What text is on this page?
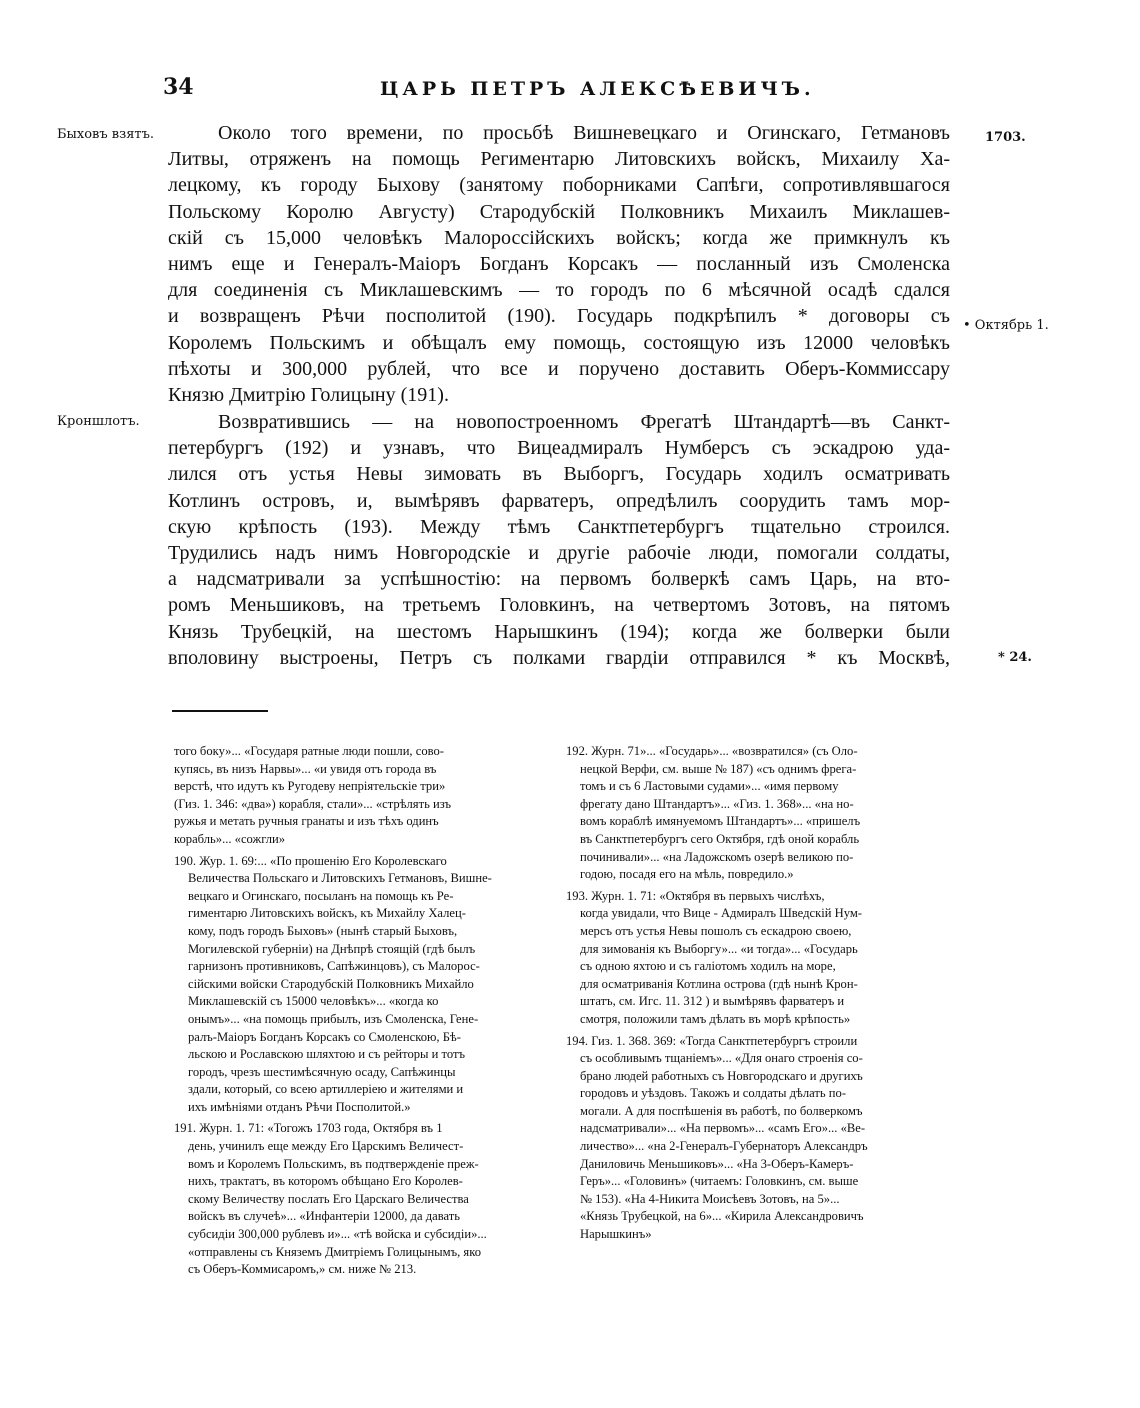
34	ЦАРЬ ПЕТРЪ АЛЕКСѢЕВИЧЪ.
Быховъ взятъ.
Кроншлотъ.
1703.
• Октябрь 1.
* 24.
Около того времени, по просьбѣ Вишневецкаго и Огинскаго, Гетмановъ
Литвы, отряженъ на помощь Региментарю Литовскихъ войскъ, Михаилу Ха-
лецкому, къ городу Быхову (занятому поборниками Сапѣги, сопротивлявшагося
Польскому Королю Августу) Стародубскій Полковникъ Михаилъ Миклашев-
скій съ 15,000 человѣкъ Малороссійскихъ войскъ; когда же примкнулъ къ
нимъ еще и Генералъ-Маіоръ Богданъ Корсакъ — посланный изъ Смоленска
для соединенія съ Миклашевскимъ — то городъ по 6 мѣсячной осадѣ сдался
и возвращенъ Рѣчи посполитой (190). Государь подкрѣпилъ * договоры съ
Королемъ Польскимъ и обѣщалъ ему помощь, состоящую изъ 12000 человѣкъ
пѣхоты и 300,000 рублей, что все и поручено доставить Оберъ-Коммиссару
Князю Дмитрію Голицыну (191).
Возвратившись — на новопостроенномъ Фрегатѣ Штандартѣ—въ Санкт-
петербургъ (192) и узнавъ, что Вицеадмиралъ Нумберсъ съ эскадрою уда-
лился отъ устья Невы зимовать въ Выборгъ, Государь ходилъ осматривать
Котлинъ островъ, и, вымѣрявъ фарватеръ, опредѣлилъ соорудить тамъ мор-
скую крѣпость (193). Между тѣмъ Санктпетербургъ тщательно строился.
Трудились надъ нимъ Новгородскіе и другіе рабочіе люди, помогали солдаты,
а надсматривали за успѣшностію: на первомъ болверкѣ самъ Царь, на вто-
ромъ Меньшиковъ, на третьемъ Головкинъ, на четвертомъ Зотовъ, на пятомъ
Князь Трубецкій, на шестомъ Нарышкинъ (194); когда же болверки были
вполовину выстроены, Петръ съ полками гвардіи отправился * къ Москвѣ,
того боку»... «Государя ратные люди пошли, сово-
купясь, въ низъ Нарвы»... «и увидя отъ города въ
верстѣ, что идутъ къ Ругодеву непріятельскіе три»
(Гиз. 1. 346: «два») корабля, стали»... «стрѣлять изъ
ружья и метать ручныя гранаты и изъ тѣхъ одинъ
корабль»... «сожгли»
190. Жур. 1. 69:... «По прошенію Его Королевскаго
Величества Польскаго и Литовскихъ Гетмановъ, Вишне-
вецкаго и Огинскаго, посыланъ на помощь къ Ре-
гиментарю Литовскихъ войскъ, къ Михайлу Халец-
кому, подъ городъ Быховъ» (нынѣ старый Быховъ,
Могилевской губерніи) на Днѣпрѣ стоящій (гдѣ былъ
гарнизонъ противниковъ, Сапѣжинцовъ), съ Малорос-
сійскими войски Стародубскій Полковникъ Михайло
Миклашевскій съ 15000 человѣкъ»... «когда ко
онымъ»... «на помощь прибылъ, изъ Смоленска, Гене-
ралъ-Маіоръ Богданъ Корсакъ со Смоленскою, Бѣ-
льскою и Рославскою шляхтою и съ рейторы и тотъ
городъ, чрезъ шестимѣсячную осаду, Сапѣжинцы
здали, который, со всею артиллеріею и жителями и
ихъ имѣніями отданъ Рѣчи Посполитой.»
191. Журн. 1. 71: «Тогожъ 1703 года, Октября въ 1
день, учинилъ еще между Его Царскимъ Величест-
вомъ и Королемъ Польскимъ, въ подтвержденіе преж-
нихъ, трактатъ, въ которомъ обѣщано Его Королев-
скому Величеству послать Его Царскаго Величества
войскъ въ случеѣ»... «Инфантеріи 12000, да давать
субсидіи 300,000 рублевъ и»... «тѣ войска и субсидіи»...
«отправлены съ Княземъ Дмитріемъ Голицынымъ, яко
съ Оберъ-Коммисаромъ,» см. ниже № 213.
192. Журн. 71»... «Государь»... «возвратился» (съ Оло-
нецкой Верфи, см. выше № 187) «съ однимъ фрега-
томъ и съ 6 Ластовыми судами»... «имя первому
фрегату дано Штандартъ»... «Гиз. 1. 368»... «на но-
вомъ кораблѣ имянуемомъ Штандартъ»... «пришелъ
въ Санктпетербургъ сего Октября, гдѣ оной корабль
починивали»... «на Ладожскомъ озерѣ великою по-
годою, посадя его на мѣль, повредило.»
193. Журн. 1. 71: «Октября въ первыхъ числѣхъ,
когда увидали, что Вице - Адмиралъ Шведскій Нум-
мерсъ отъ устья Невы пошолъ съ ескадрою своею,
для зимованія къ Выборгу»... «и тогда»... «Государь
съ одною яхтою и съ галіотомъ ходилъ на море,
для осматриванія Котлина острова (гдѣ нынѣ Крон-
штатъ, см. Игс. 11. 312 ) и вымѣрявъ фарватеръ и
смотря, положили тамъ дѣлать въ морѣ крѣпость»
194. Гиз. 1. 368. 369: «Тогда Санктпетербургъ строили
съ особливымъ тщаніемъ»... «Для онаго строенія со-
брано людей работныхъ съ Новгородскаго и другихъ
городовъ и уѣздовъ. Такожъ и солдаты дѣлать по-
могали. А для поспѣшенія въ работѣ, по болверкомъ
надсматривали»... «На первомъ»... «самъ Его»... «Ве-
личество»... «на 2-Генералъ-Губернаторъ Александръ
Даниловичь Меньшиковъ»... «На 3-Оберъ-Камеръ-
Геръ»... «Головинъ» (читаемъ: Головкинъ, см. выше
№ 153). «На 4-Никита Моисѣевъ Зотовъ, на 5»...
«Князь Трубецкой, на 6»... «Кирила Александровичъ
Нарышкинъ»
